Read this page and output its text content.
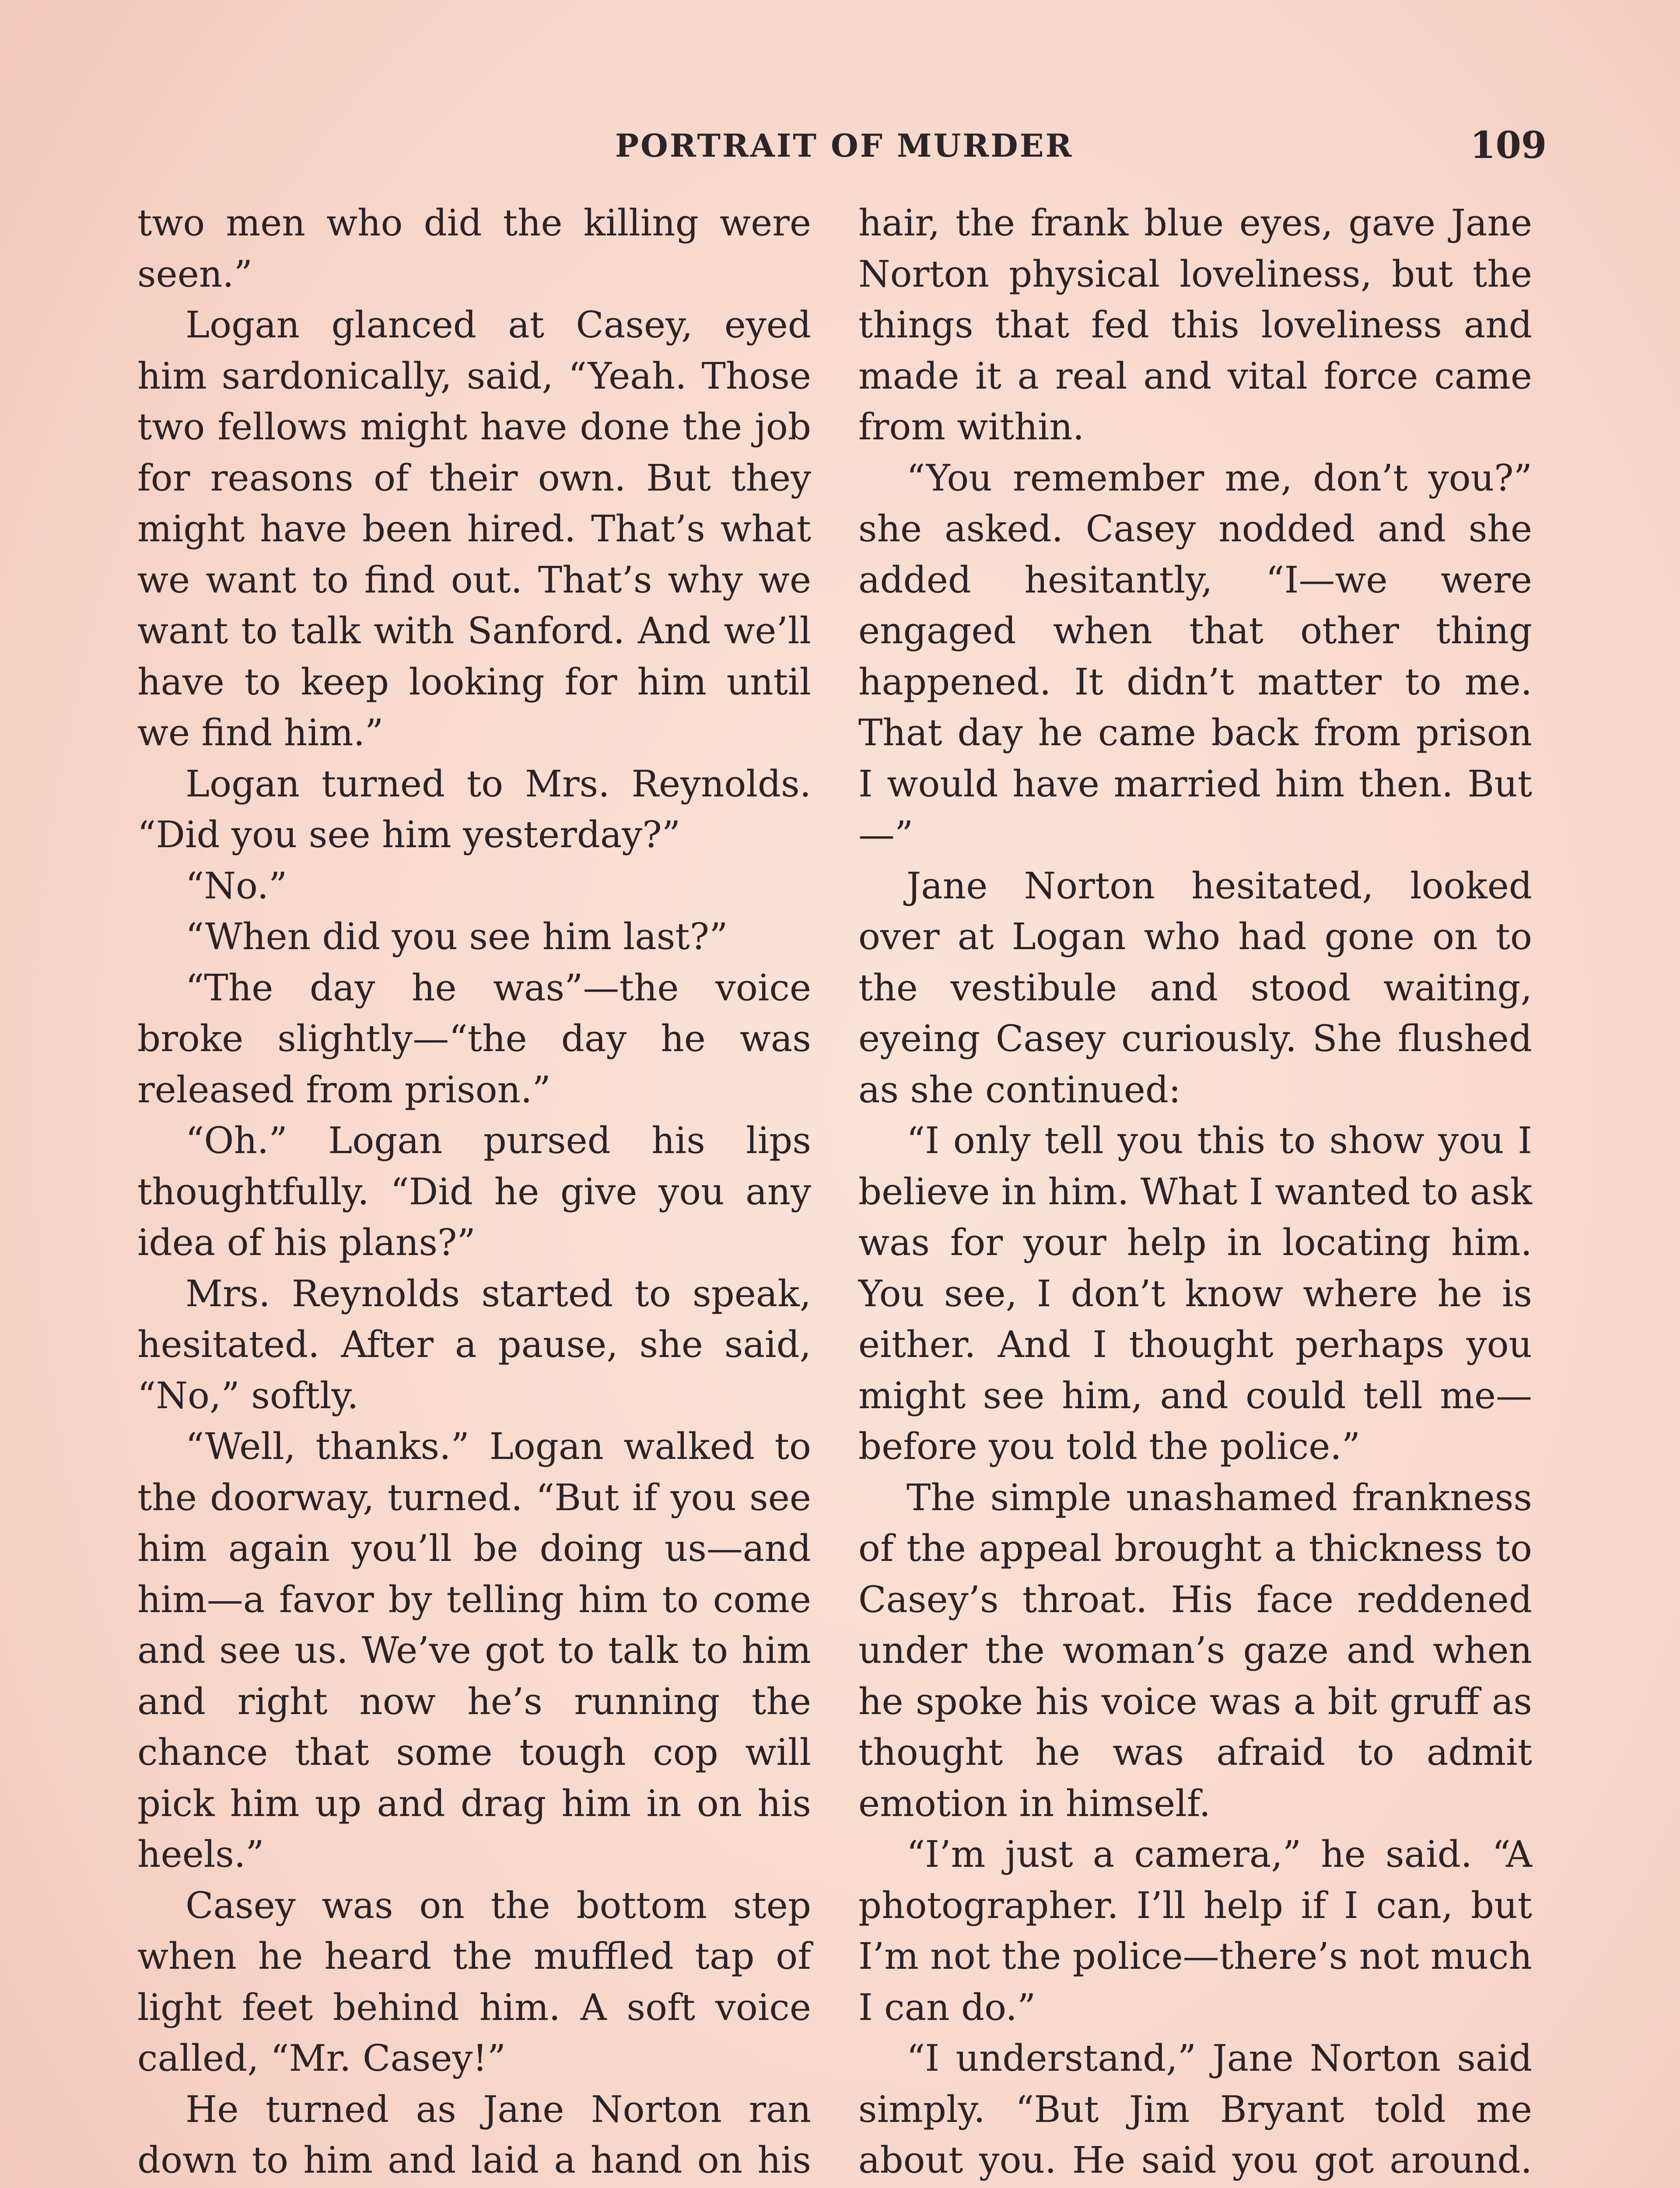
PORTRAIT OF MURDER	109

two men who did the killing were seen.”

Logan glanced at Casey, eyed him sardonically, said, “Yeah. Those two fellows might have done the job for reasons of their own. But they might have been hired. That’s what we want to find out. That’s why we want to talk with Sanford. And we’ll have to keep looking for him until we find him.”

Logan turned to Mrs. Reynolds. “Did you see him yesterday?”

“No.”

“When did you see him last?”

“The day he was”—the voice broke slightly—“the day he was released from prison.”

“Oh.” Logan pursed his lips thoughtfully. “Did he give you any idea of his plans?”

Mrs. Reynolds started to speak, hesitated. After a pause, she said, “No,” softly.

“Well, thanks.” Logan walked to the doorway, turned. “But if you see him again you’ll be doing us—and him—a favor by telling him to come and see us. We’ve got to talk to him and right now he’s running the chance that some tough cop will pick him up and drag him in on his heels.”

Casey was on the bottom step when he heard the muffled tap of light feet behind him. A soft voice called, “Mr. Casey!”

He turned as Jane Norton ran down to him and laid a hand on his

hair, the frank blue eyes, gave Jane Norton physical loveliness, but the things that fed this loveliness and made it a real and vital force came from within.

“You remember me, don’t you?” she asked. Casey nodded and she added hesitantly, “I—we were engaged when that other thing happened. It didn’t matter to me. That day he came back from prison I would have married him then. But—”

Jane Norton hesitated, looked over at Logan who had gone on to the vestibule and stood waiting, eyeing Casey curiously. She flushed as she continued:

“I only tell you this to show you I believe in him. What I wanted to ask was for your help in locating him. You see, I don’t know where he is either. And I thought perhaps you might see him, and could tell me—before you told the police.”

The simple unashamed frankness of the appeal brought a thickness to Casey’s throat. His face reddened under the woman’s gaze and when he spoke his voice was a bit gruff as thought he was afraid to admit emotion in himself.

“I’m just a camera,” he said. “A photographer. I’ll help if I can, but I’m not the police—there’s not much I can do.”

“I understand,” Jane Norton said simply. “But Jim Bryant told me about you. He said you got around.
